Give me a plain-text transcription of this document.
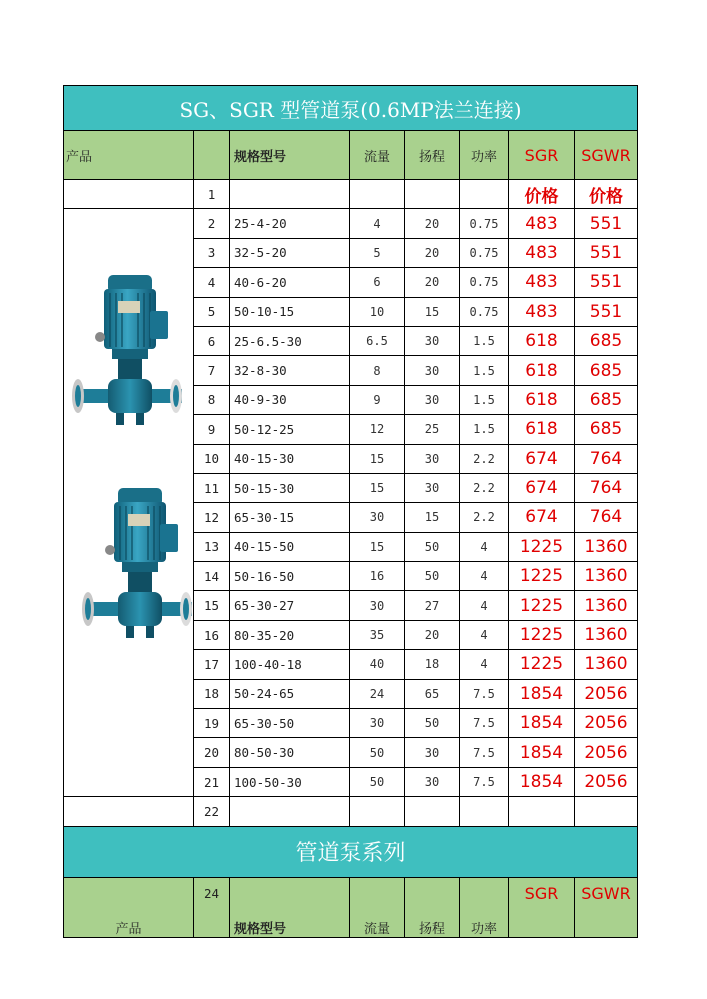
SG、SGR 型管道泵(0.6MP法兰连接)							
产品		规格型号	流量	扬程	功率	SGR	SGWR
	1					价格	价格

	2	25-4-20	4	20	0.75	483	551
	3	32-5-20	5	20	0.75	483	551
	4	40-6-20	6	20	0.75	483	551
	5	50-10-15	10	15	0.75	483	551
	6	25-6.5-30	6.5	30	1.5	618	685
	7	32-8-30	8	30	1.5	618	685
	8	40-9-30	9	30	1.5	618	685
	9	50-12-25	12	25	1.5	618	685
	10	40-15-30	15	30	2.2	674	764
	11	50-15-30	15	30	2.2	674	764
	12	65-30-15	30	15	2.2	674	764
	13	40-15-50	15	50	4	1225	1360
	14	50-16-50	16	50	4	1225	1360
	15	65-30-27	30	27	4	1225	1360
	16	80-35-20	35	20	4	1225	1360
	17	100-40-18	40	18	4	1225	1360
	18	50-24-65	24	65	7.5	1854	2056
	19	65-30-50	30	50	7.5	1854	2056
	20	80-50-30	50	30	7.5	1854	2056
	21	100-50-30	50	30	7.5	1854	2056
	22						
管道泵系列							
产品	24	规格型号	流量	扬程	功率	SGR	SGWR
